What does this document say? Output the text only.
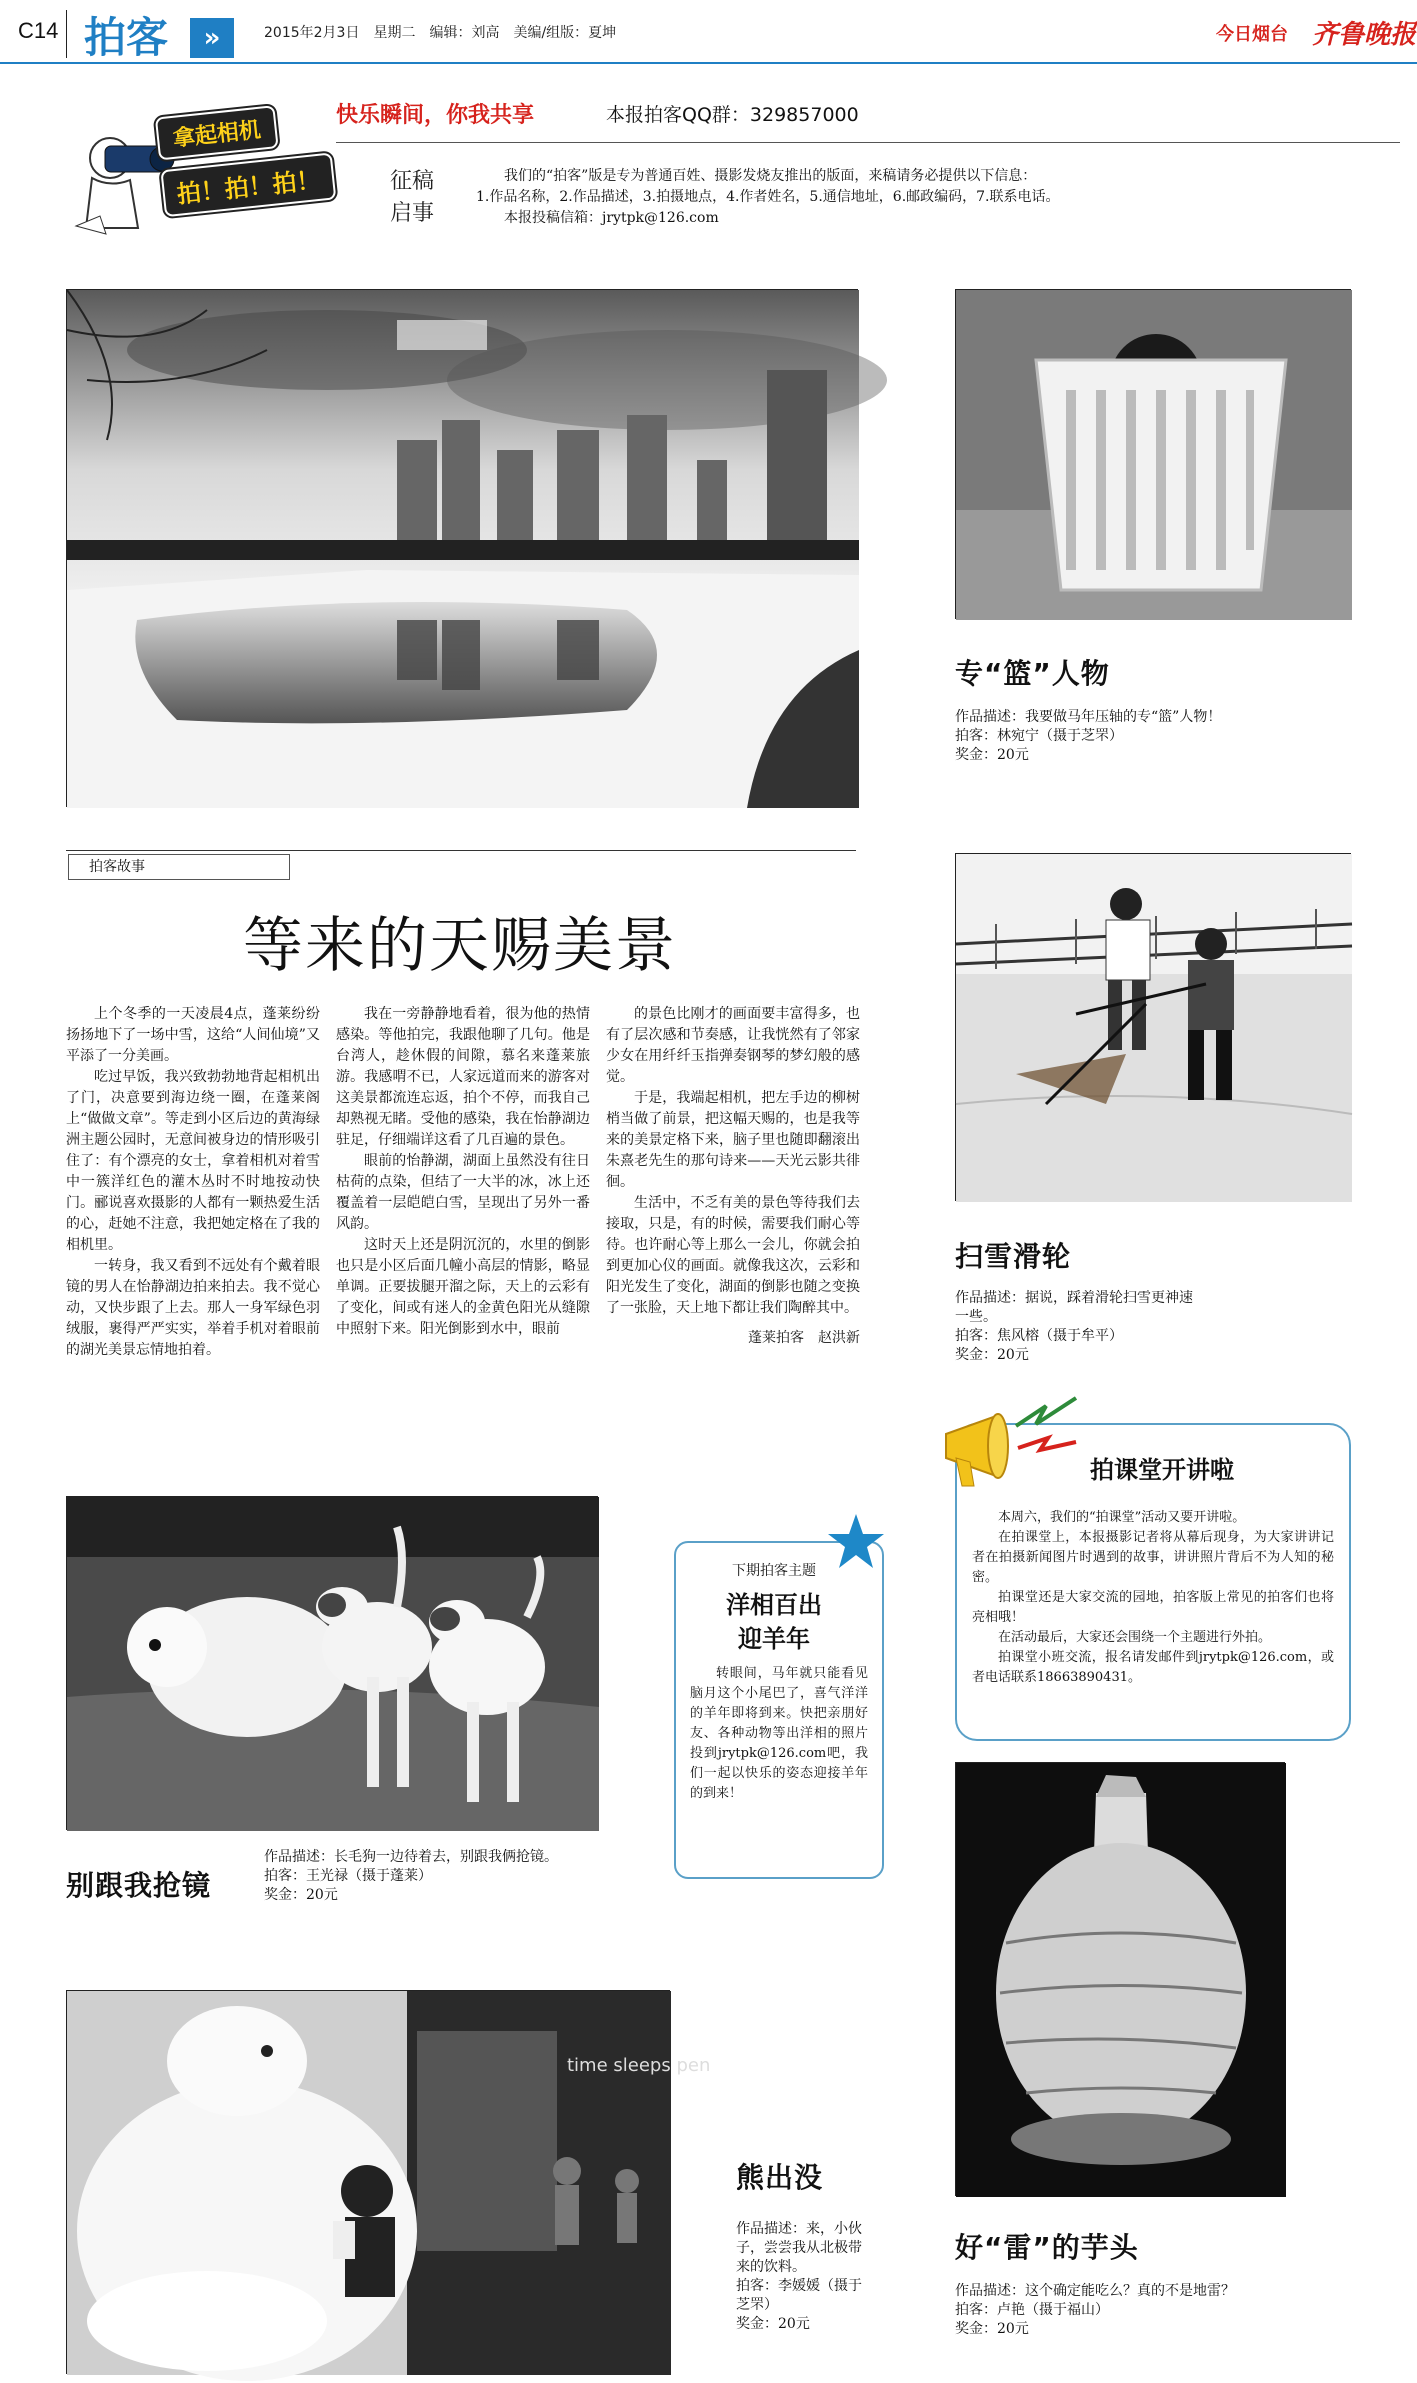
C14 拍客	»	2015年2月3日　星期二　编辑：刘高　美编/组版：夏坤	今日烟台 齐鲁晚报
拿起相机 拍！拍！拍！
快乐瞬间，你我共享	本报拍客QQ群：329857000
征稿
启事
我们的“拍客”版是专为普通百姓、摄影发烧友推出的版面，来稿请务必提供以下信息：
1.作品名称，2.作品描述，3.拍摄地点，4.作者姓名，5.通信地址，6.邮政编码，7.联系电话。
本报投稿信箱：jrytpk@126.com
拍客故事
等来的天赐美景

上个冬季的一天凌晨4点，蓬莱纷纷扬扬地下了一场中雪，这给“人间仙境”又平添了一分美画。

吃过早饭，我兴致勃勃地背起相机出了门，决意要到海边绕一圈，在蓬莱阁上“做做文章”。等走到小区后边的黄海绿洲主题公园时，无意间被身边的情形吸引住了：有个漂亮的女士，拿着相机对着雪中一簇洋红色的灌木丛时不时地按动快门。郦说喜欢摄影的人都有一颗热爱生活的心，赶她不注意，我把她定格在了我的相机里。

一转身，我又看到不远处有个戴着眼镜的男人在怡静湖边拍来拍去。我不觉心动，又快步跟了上去。那人一身军绿色羽绒服，裹得严严实实，举着手机对着眼前的湖光美景忘情地拍着。

我在一旁静静地看着，很为他的热情感染。等他拍完，我跟他聊了几句。他是台湾人，趁休假的间隙，慕名来蓬莱旅游。我感喟不已，人家远道而来的游客对这美景都流连忘返，拍个不停，而我自己却熟视无睹。受他的感染，我在怡静湖边驻足，仔细端详这看了几百遍的景色。

眼前的怡静湖，湖面上虽然没有往日枯荷的点染，但结了一大半的冰，冰上还覆盖着一层皑皑白雪，呈现出了另外一番风韵。

这时天上还是阴沉沉的，水里的倒影也只是小区后面几幢小高层的情影，略显单调。正要拔腿开溜之际，天上的云彩有了变化，间或有迷人的金黄色阳光从缝隙中照射下来。阳光倒影到水中，眼前

的景色比刚才的画面要丰富得多，也有了层次感和节奏感，让我恍然有了邻家少女在用纤纤玉指弹奏钢琴的梦幻般的感觉。

于是，我端起相机，把左手边的柳树梢当做了前景，把这幅天赐的，也是我等来的美景定格下来，脑子里也随即翻滚出朱熹老先生的那句诗来——天光云影共徘徊。

生活中，不乏有美的景色等待我们去接取，只是，有的时候，需要我们耐心等待。也许耐心等上那么一会儿，你就会拍到更加心仪的画面。就像我这次，云彩和阳光发生了变化，湖面的倒影也随之变换了一张脸，天上地下都让我们陶醉其中。

蓬莱拍客　赵洪新

专“篮”人物
作品描述：我要做马年压轴的专“篮”人物！
拍客：林宛宁（摄于芝罘）
奖金：20元
扫雪滑轮
作品描述：据说，踩着滑轮扫雪更神速一些。
拍客：焦风榕（摄于牟平）
奖金：20元
拍课堂开讲啦

本周六，我们的“拍课堂”活动又要开讲啦。

在拍课堂上，本报摄影记者将从幕后现身，为大家讲讲记者在拍摄新闻图片时遇到的故事，讲讲照片背后不为人知的秘密。

拍课堂还是大家交流的园地，拍客版上常见的拍客们也将亮相哦！

在活动最后，大家还会围绕一个主题进行外拍。

拍课堂小班交流，报名请发邮件到jrytpk@126.com，或者电话联系18663890431。

别跟我抢镜
作品描述：长毛狗一边待着去，别跟我俩抢镜。
拍客：王光禄（摄于蓬莱）
奖金：20元
下期拍客主题
洋相百出
迎羊年
转眼间，马年就只能看见脑月这个小尾巴了，喜气洋洋的羊年即将到来。快把亲朋好友、各种动物等出洋相的照片投到jrytpk@126.com吧，我们一起以快乐的姿态迎接羊年的到来！
time sleeps pen
熊出没
作品描述：来，小伙子，尝尝我从北极带来的饮料。
拍客：李媛媛（摄于芝罘）
奖金：20元
好“雷”的芋头
作品描述：这个确定能吃么？真的不是地雷？
拍客：卢艳（摄于福山）
奖金：20元
